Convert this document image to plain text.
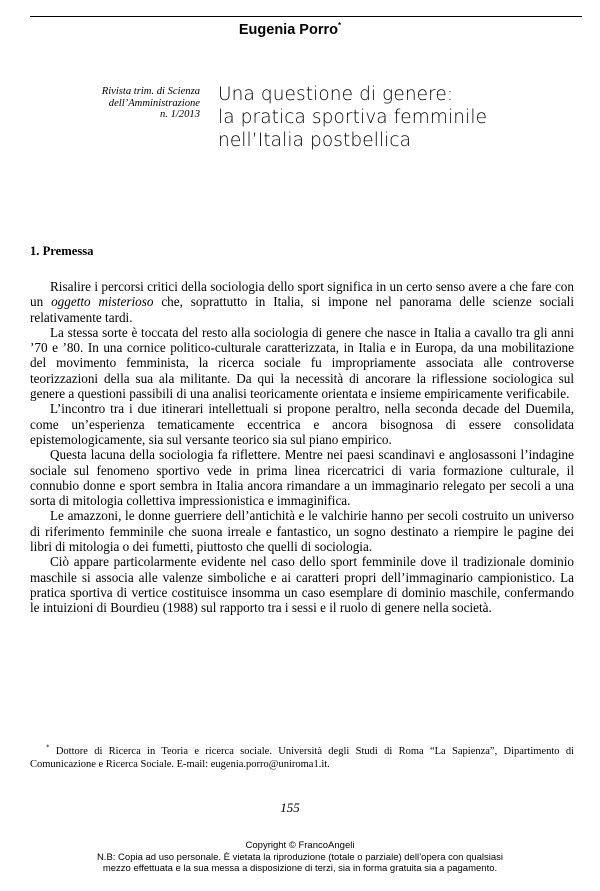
Eugenia Porro*
Rivista trim. di Scienza
dell’Amministrazione
n. 1/2013
Una questione di genere:
la pratica sportiva femminile
nell’Italia postbellica
1. Premessa

Risalire i percorsi critici della sociologia dello sport significa in un certo senso avere a che fare con un oggetto misterioso che, soprattutto in Italia, si impone nel panorama delle scienze sociali relativamente tardi.

La stessa sorte è toccata del resto alla sociologia di genere che nasce in Italia a cavallo tra gli anni ’70 e ’80. In una cornice politico-culturale caratterizzata, in Italia e in Europa, da una mobilitazione del movimento femminista, la ricerca sociale fu impropriamente associata alle controverse teorizzazioni della sua ala militante. Da qui la necessità di ancorare la riflessione sociologica sul genere a questioni passibili di una analisi teoricamente orientata e insieme empiricamente verificabile.

L’incontro tra i due itinerari intellettuali si propone peraltro, nella seconda decade del Duemila, come un’esperienza tematicamente eccentrica e ancora bisognosa di essere consolidata epistemologicamente, sia sul versante teorico sia sul piano empirico.

Questa lacuna della sociologia fa riflettere. Mentre nei paesi scandinavi e anglosassoni l’indagine sociale sul fenomeno sportivo vede in prima linea ricercatrici di varia formazione culturale, il connubio donne e sport sembra in Italia ancora rimandare a un immaginario relegato per secoli a una sorta di mitologia collettiva impressionistica e immaginifica.

Le amazzoni, le donne guerriere dell’antichità e le valchirie hanno per secoli costruito un universo di riferimento femminile che suona irreale e fantastico, un sogno destinato a riempire le pagine dei libri di mitologia o dei fumetti, piuttosto che quelli di sociologia.

Ciò appare particolarmente evidente nel caso dello sport femminile dove il tradizionale dominio maschile si associa alle valenze simboliche e ai caratteri propri dell’immaginario campionistico. La pratica sportiva di vertice costituisce insomma un caso esemplare di dominio maschile, confermando le intuizioni di Bourdieu (1988) sul rapporto tra i sessi e il ruolo di genere nella società.

* Dottore di Ricerca in Teoria e ricerca sociale. Università degli Studi di Roma “La Sapienza”, Dipartimento di Comunicazione e Ricerca Sociale. E-mail: eugenia.porro@uniroma1.it.
155
Copyright © FrancoAngeli
N.B: Copia ad uso personale. È vietata la riproduzione (totale o parziale) dell’opera con qualsiasi
mezzo effettuata e la sua messa a disposizione di terzi, sia in forma gratuita sia a pagamento.
